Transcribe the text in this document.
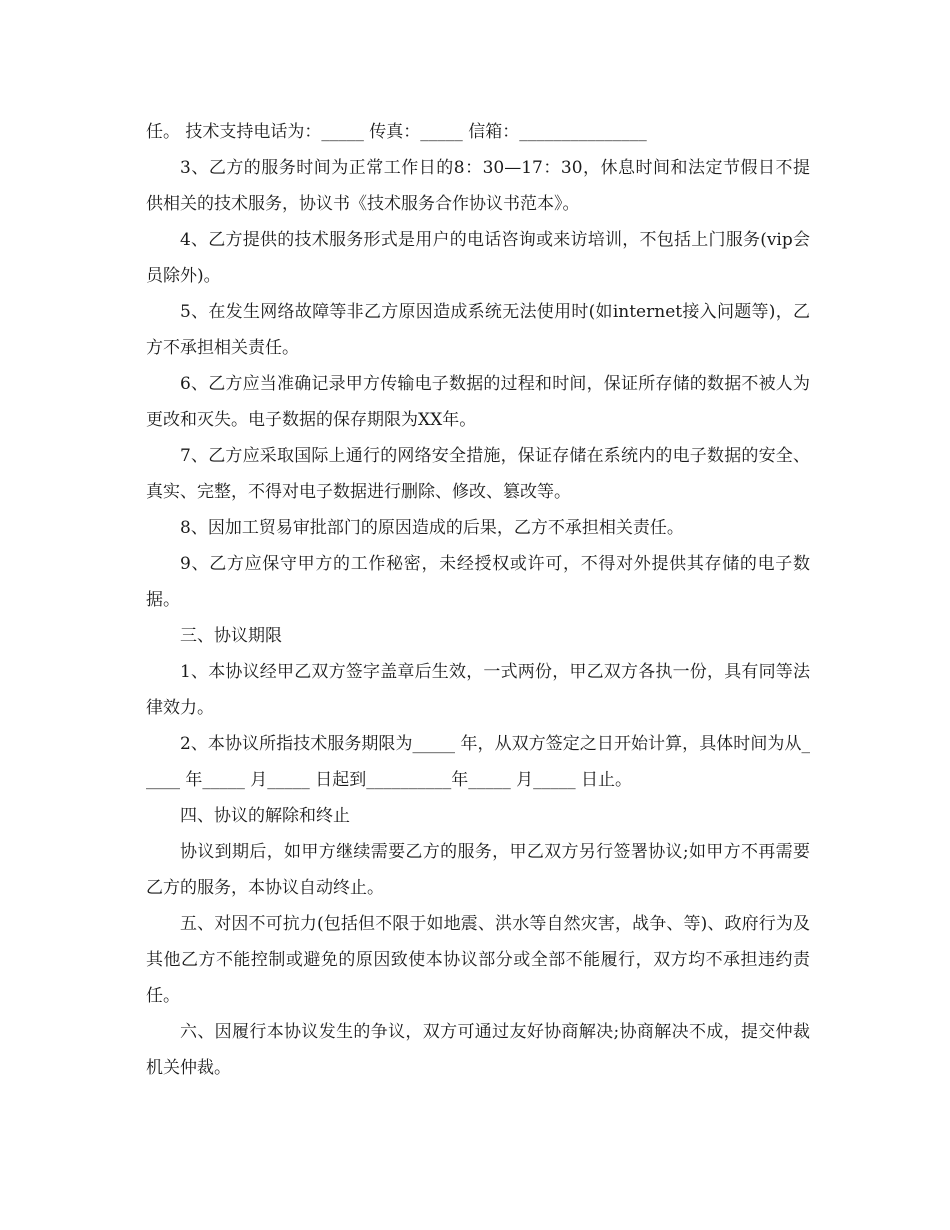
任。 技术支持电话为：_____ 传真：_____ 信箱：_______________

3、乙方的服务时间为正常工作日的8：30—17：30，休息时间和法定节假日不提供相关的技术服务，协议书《技术服务合作协议书范本》。

4、乙方提供的技术服务形式是用户的电话咨询或来访培训，不包括上门服务(vip会员除外)。

5、在发生网络故障等非乙方原因造成系统无法使用时(如internet接入问题等)，乙方不承担相关责任。

6、乙方应当准确记录甲方传输电子数据的过程和时间，保证所存储的数据不被人为更改和灭失。电子数据的保存期限为XX年。

7、乙方应采取国际上通行的网络安全措施，保证存储在系统内的电子数据的安全、真实、完整，不得对电子数据进行删除、修改、篡改等。

8、因加工贸易审批部门的原因造成的后果，乙方不承担相关责任。

9、乙方应保守甲方的工作秘密，未经授权或许可，不得对外提供其存储的电子数据。

三、协议期限

1、本协议经甲乙双方签字盖章后生效，一式两份，甲乙双方各执一份，具有同等法律效力。

2、本协议所指技术服务期限为_____ 年，从双方签定之日开始计算，具体时间为从_____ 年_____ 月_____ 日起到__________年_____ 月_____ 日止。

四、协议的解除和终止

协议到期后，如甲方继续需要乙方的服务，甲乙双方另行签署协议;如甲方不再需要乙方的服务，本协议自动终止。

五、对因不可抗力(包括但不限于如地震、洪水等自然灾害，战争、等)、政府行为及其他乙方不能控制或避免的原因致使本协议部分或全部不能履行，双方均不承担违约责任。

六、因履行本协议发生的争议，双方可通过友好协商解决;协商解决不成，提交仲裁机关仲裁。
